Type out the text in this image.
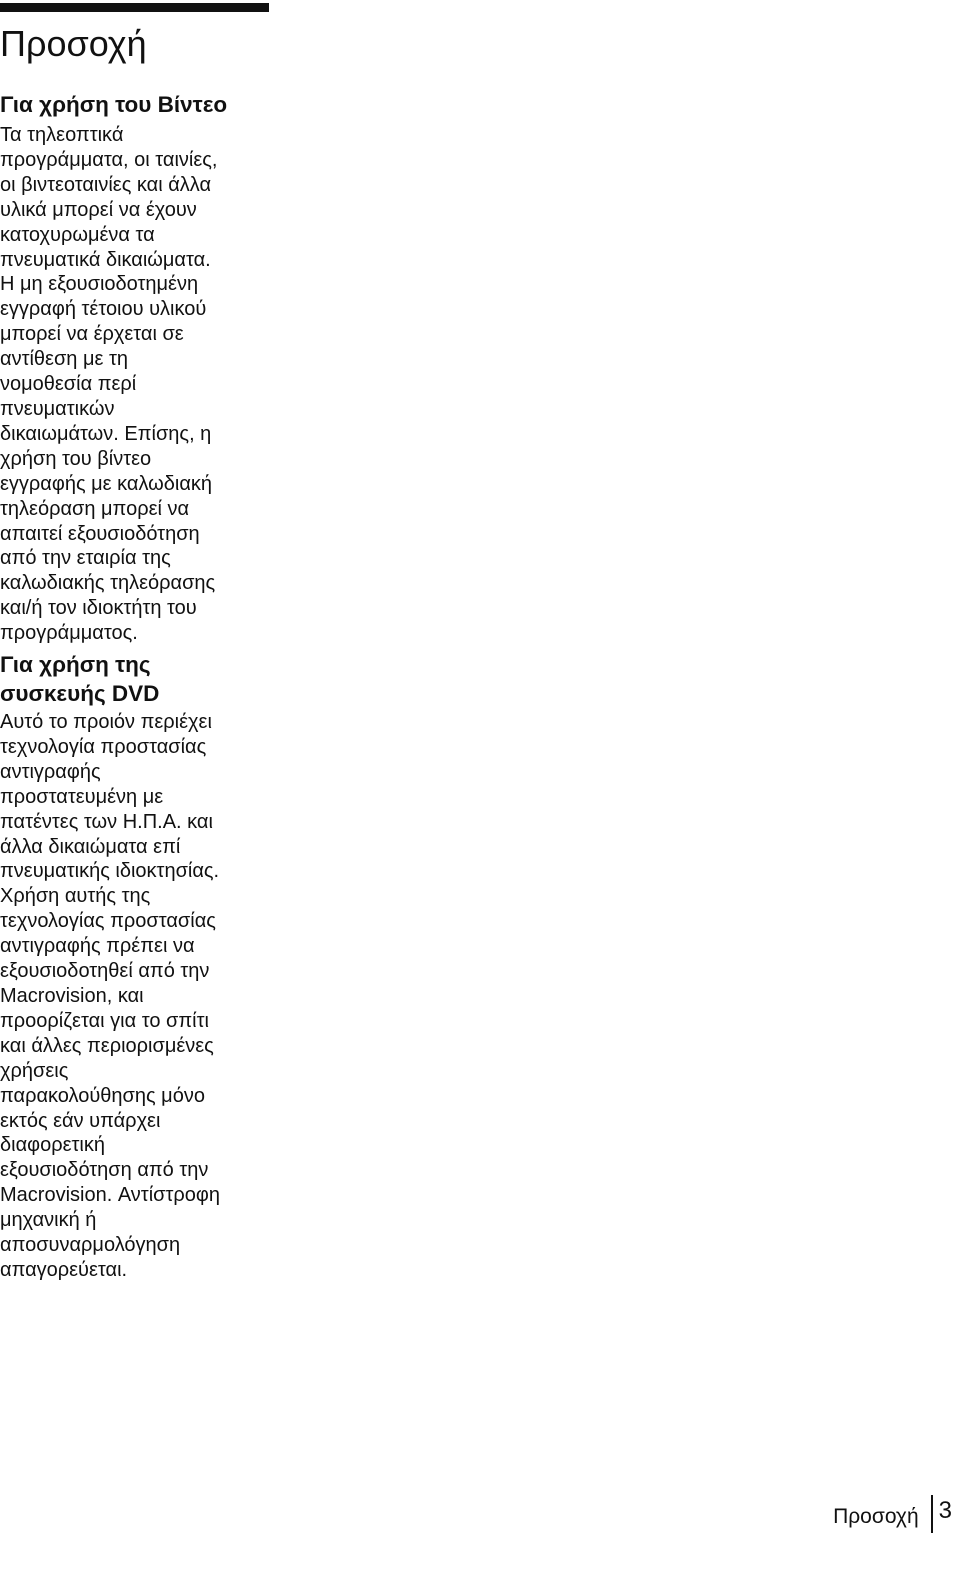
Προσοχή
Για χρήση του Βίντεο

Τα τηλεοπτικά
προγράμματα, οι ταινίες,
οι βιντεοταινίες και άλλα
υλικά μπορεί να έχουν
κατοχυρωμένα τα
πνευματικά δικαιώματα.
Η μη εξουσιοδοτημένη
εγγραφή τέτοιου υλικού
μπορεί να έρχεται σε
αντίθεση με τη
νομοθεσία περί
πνευματικών
δικαιωμάτων. Επίσης, η
χρήση του βίντεο
εγγραφής με καλωδιακή
τηλεόραση μπορεί να
απαιτεί εξουσιοδότηση
από την εταιρία της
καλωδιακής τηλεόρασης
και/ή τον ιδιοκτήτη του
προγράμματος.

Για χρήση της
συσκευής DVD

Αυτό το προιόν περιέχει
τεχνολογία προστασίας
αντιγραφής
προστατευμένη με
πατέντες των Η.Π.Α. και
άλλα δικαιώματα επί
πνευματικής ιδιοκτησίας.
Χρήση αυτής της
τεχνολογίας προστασίας
αντιγραφής πρέπει να
εξουσιοδοτηθεί από την
Macrovision, και
προορίζεται για το σπίτι
και άλλες περιορισμένες
χρήσεις
παρακολούθησης μόνο
εκτός εάν υπάρχει
διαφορετική
εξουσιοδότηση από την
Macrovision. Αντίστροφη
μηχανική ή
αποσυναρμολόγηση
απαγορεύεται.

Προσοχή 3
